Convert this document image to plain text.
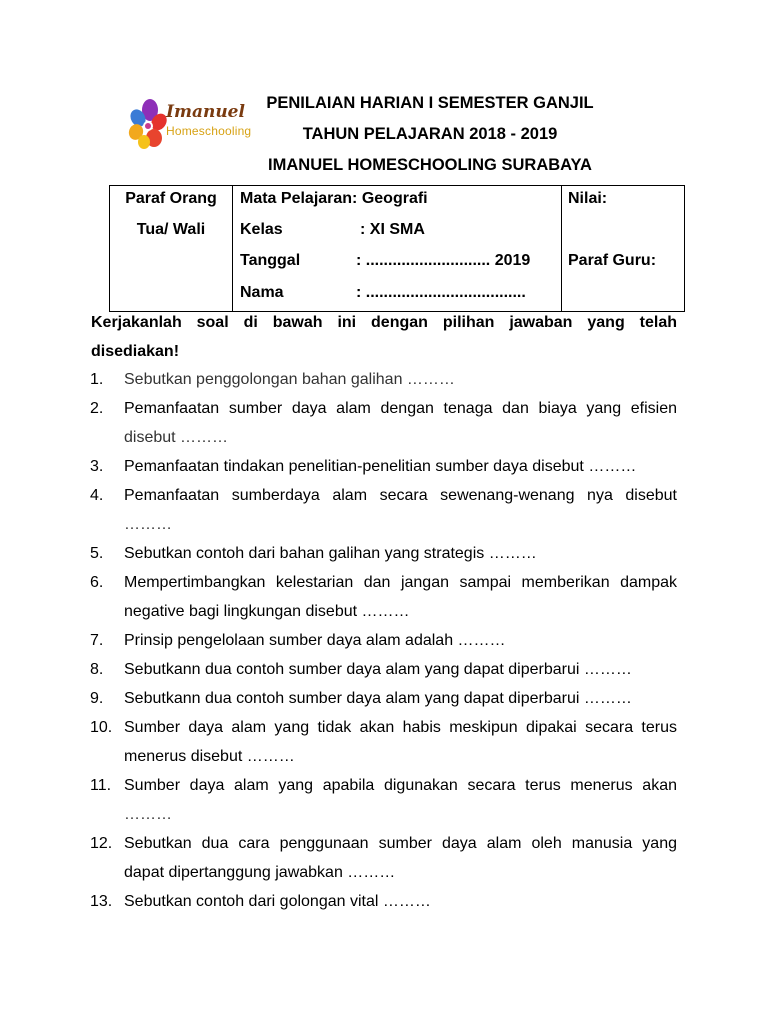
Imanuel
Homeschooling
PENILAIAN HARIAN I SEMESTER GANJIL
TAHUN PELAJARAN 2018 - 2019
IMANUEL HOMESCHOOLING SURABAYA
Paraf Orang
Tua/ Wali
Mata Pelajaran: Geografi
Kelas	: XI SMA
Tanggal	: ............................ 2019
Nama	: ....................................
Nilai:
Paraf Guru:
Kerjakanlah soal di bawah ini dengan pilihan jawaban yang telah
disediakan!
1. Sebutkan penggolongan bahan galihan ………
2. Pemanfaatan sumber daya alam dengan tenaga dan biaya yang efisien
disebut ………
3. Pemanfaatan tindakan penelitian-penelitian sumber daya disebut ………
4. Pemanfaatan sumberdaya alam secara sewenang-wenang nya disebut
………
5. Sebutkan contoh dari bahan galihan yang strategis ………
6. Mempertimbangkan kelestarian dan jangan sampai memberikan dampak
negative bagi lingkungan disebut ………
7. Prinsip pengelolaan sumber daya alam adalah ………
8. Sebutkann dua contoh sumber daya alam yang dapat diperbarui ………
9. Sebutkann dua contoh sumber daya alam yang dapat diperbarui ………
10. Sumber daya alam yang tidak akan habis meskipun dipakai secara terus
menerus disebut ………
11. Sumber daya alam yang apabila digunakan secara terus menerus akan
………
12. Sebutkan dua cara penggunaan sumber daya alam oleh manusia yang
dapat dipertanggung jawabkan ………
13. Sebutkan contoh dari golongan vital ………
